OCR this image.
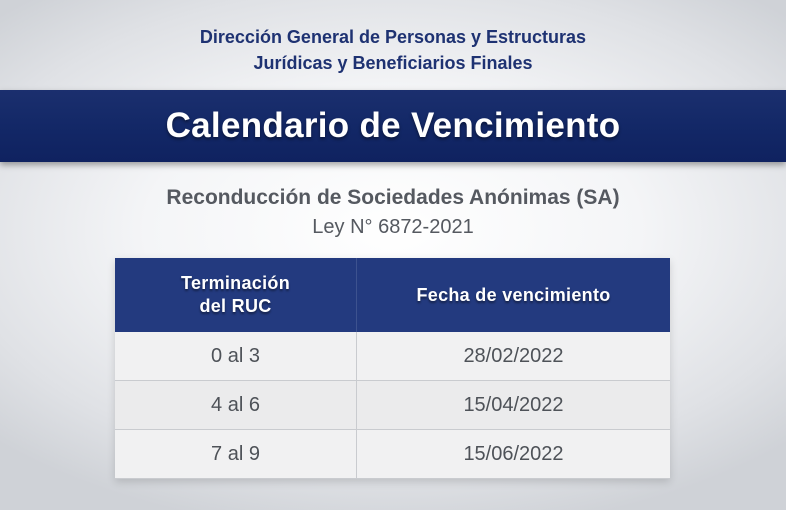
Dirección General de Personas y Estructuras
Jurídicas y Beneficiarios Finales
Calendario de Vencimiento
Reconducción de Sociedades Anónimas (SA)
Ley N° 6872-2021
Terminación
del RUC	Fecha de vencimiento
0 al 3	28/02/2022
4 al 6	15/04/2022
7 al 9	15/06/2022
